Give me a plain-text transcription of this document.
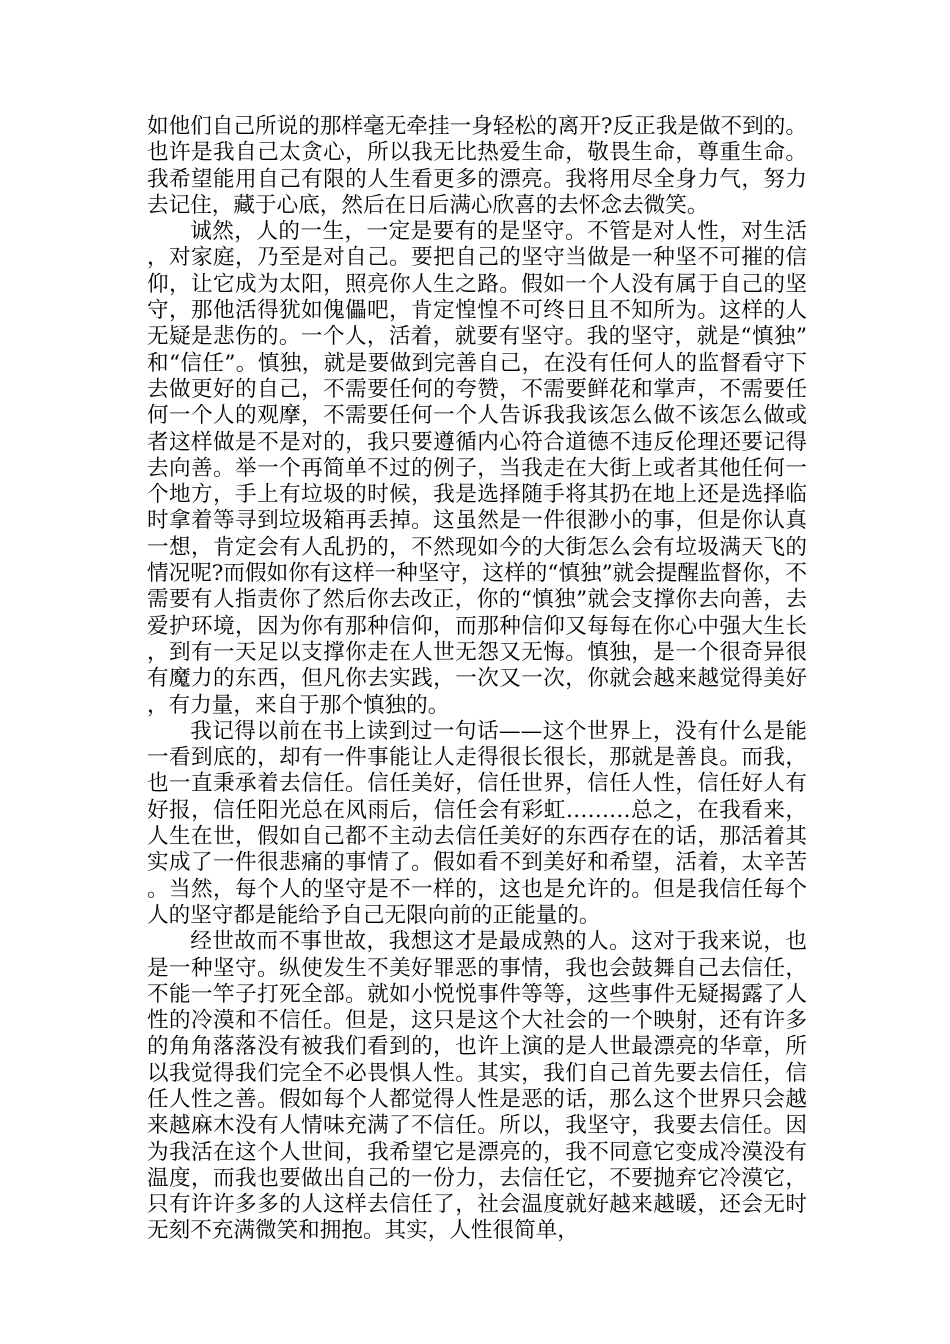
如他们自己所说的那样毫无牵挂一身轻松的离开?反正我是做不到的。也许是我自己太贪心，所以我无比热爱生命，敬畏生命，尊重生命。我希望能用自己有限的人生看更多的漂亮。我将用尽全身力气，努力去记住，藏于心底，然后在日后满心欣喜的去怀念去微笑。

诚然，人的一生，一定是要有的是坚守。不管是对人性，对生活，对家庭，乃至是对自己。要把自己的坚守当做是一种坚不可摧的信仰，让它成为太阳，照亮你人生之路。假如一个人没有属于自己的坚守，那他活得犹如傀儡吧，肯定惶惶不可终日且不知所为。这样的人无疑是悲伤的。一个人，活着，就要有坚守。我的坚守，就是“慎独”和“信任”。慎独，就是要做到完善自己，在没有任何人的监督看守下去做更好的自己，不需要任何的夸赞，不需要鲜花和掌声，不需要任何一个人的观摩，不需要任何一个人告诉我我该怎么做不该怎么做或者这样做是不是对的，我只要遵循内心符合道德不违反伦理还要记得去向善。举一个再简单不过的例子，当我走在大街上或者其他任何一个地方，手上有垃圾的时候，我是选择随手将其扔在地上还是选择临时拿着等寻到垃圾箱再丢掉。这虽然是一件很渺小的事，但是你认真一想，肯定会有人乱扔的，不然现如今的大街怎么会有垃圾满天飞的情况呢?而假如你有这样一种坚守，这样的“慎独”就会提醒监督你，不需要有人指责你了然后你去改正，你的“慎独”就会支撑你去向善，去爱护环境，因为你有那种信仰，而那种信仰又每每在你心中强大生长，到有一天足以支撑你走在人世无怨又无悔。慎独，是一个很奇异很有魔力的东西，但凡你去实践，一次又一次，你就会越来越觉得美好，有力量，来自于那个慎独的。

我记得以前在书上读到过一句话——这个世界上，没有什么是能一看到底的，却有一件事能让人走得很长很长，那就是善良。而我，也一直秉承着去信任。信任美好，信任世界，信任人性，信任好人有好报，信任阳光总在风雨后，信任会有彩虹………总之，在我看来，人生在世，假如自己都不主动去信任美好的东西存在的话，那活着其实成了一件很悲痛的事情了。假如看不到美好和希望，活着，太辛苦。当然，每个人的坚守是不一样的，这也是允许的。但是我信任每个人的坚守都是能给予自己无限向前的正能量的。

经世故而不事世故，我想这才是最成熟的人。这对于我来说，也是一种坚守。纵使发生不美好罪恶的事情，我也会鼓舞自己去信任，不能一竿子打死全部。就如小悦悦事件等等，这些事件无疑揭露了人性的冷漠和不信任。但是，这只是这个大社会的一个映射，还有许多的角角落落没有被我们看到的，也许上演的是人世最漂亮的华章，所以我觉得我们完全不必畏惧人性。其实，我们自己首先要去信任，信任人性之善。假如每个人都觉得人性是恶的话，那么这个世界只会越来越麻木没有人情味充满了不信任。所以，我坚守，我要去信任。因为我活在这个人世间，我希望它是漂亮的，我不同意它变成冷漠没有温度，而我也要做出自己的一份力，去信任它，不要抛弃它冷漠它，只有许许多多的人这样去信任了，社会温度就好越来越暖，还会无时无刻不充满微笑和拥抱。其实，人性很简单，
